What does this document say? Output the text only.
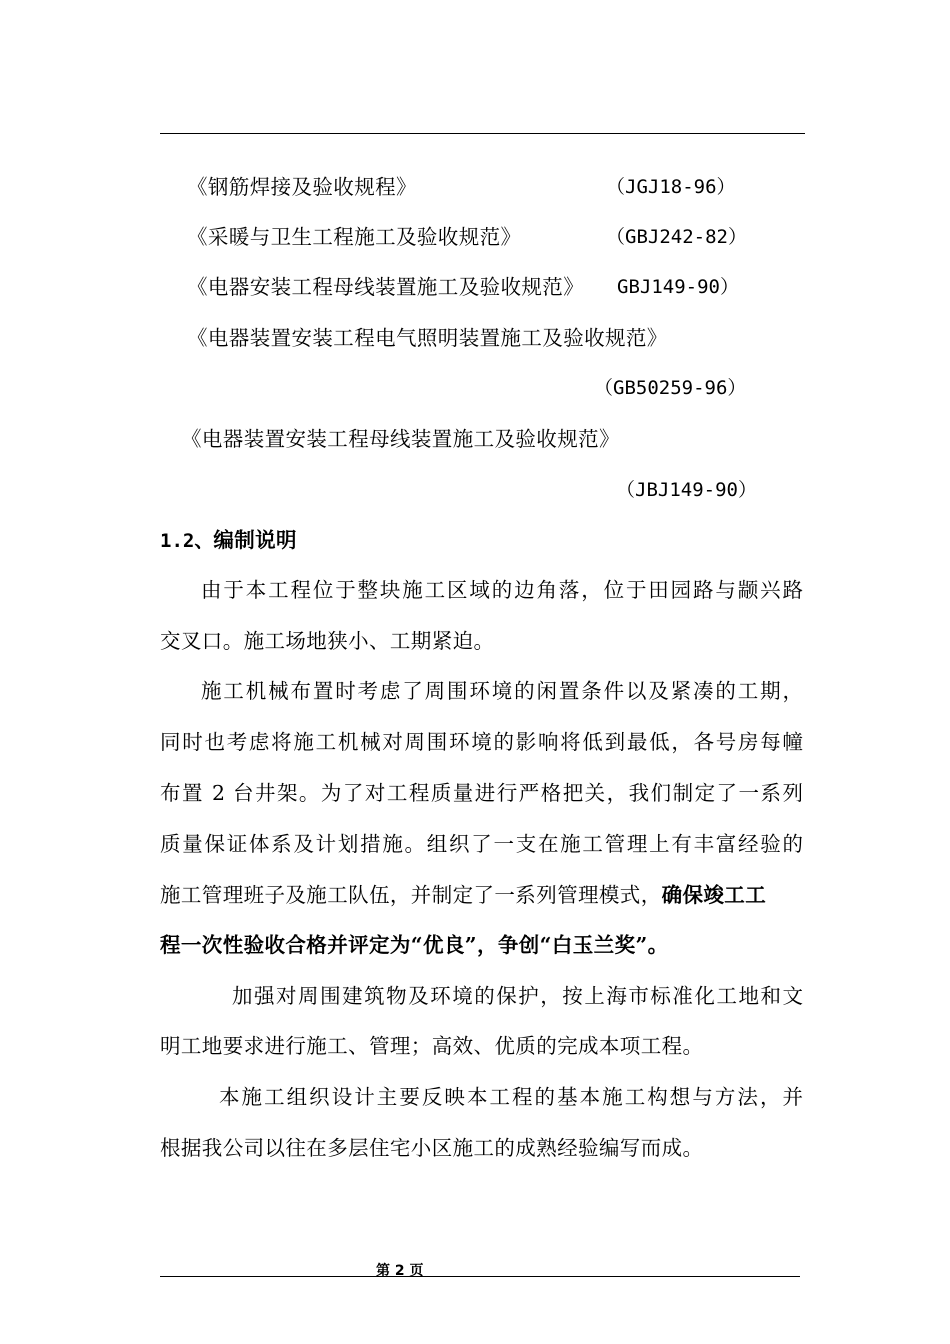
《钢筋焊接及验收规程》	（JGJ18-96）
《采暖与卫生工程施工及验收规范》	（GBJ242-82）
《电器安装工程母线装置施工及验收规范》 GBJ149-90）
《电器装置安装工程电气照明装置施工及验收规范》
（GB50259-96）
《电器装置安装工程母线装置施工及验收规范》
（JBJ149-90）
1.2、编制说明
由于本工程位于整块施工区域的边角落，位于田园路与颛兴路
交叉口。施工场地狭小、工期紧迫。
施工机械布置时考虑了周围环境的闲置条件以及紧凑的工期，
同时也考虑将施工机械对周围环境的影响将低到最低，各号房每幢
布置 2 台井架。为了对工程质量进行严格把关，我们制定了一系列
质量保证体系及计划措施。组织了一支在施工管理上有丰富经验的
施工管理班子及施工队伍，并制定了一系列管理模式，确保竣工工
程一次性验收合格并评定为“优良”，争创“白玉兰奖”。
加强对周围建筑物及环境的保护，按上海市标准化工地和文
明工地要求进行施工、管理；高效、优质的完成本项工程。
本施工组织设计主要反映本工程的基本施工构想与方法，并
根据我公司以往在多层住宅小区施工的成熟经验编写而成。
第 2 页
